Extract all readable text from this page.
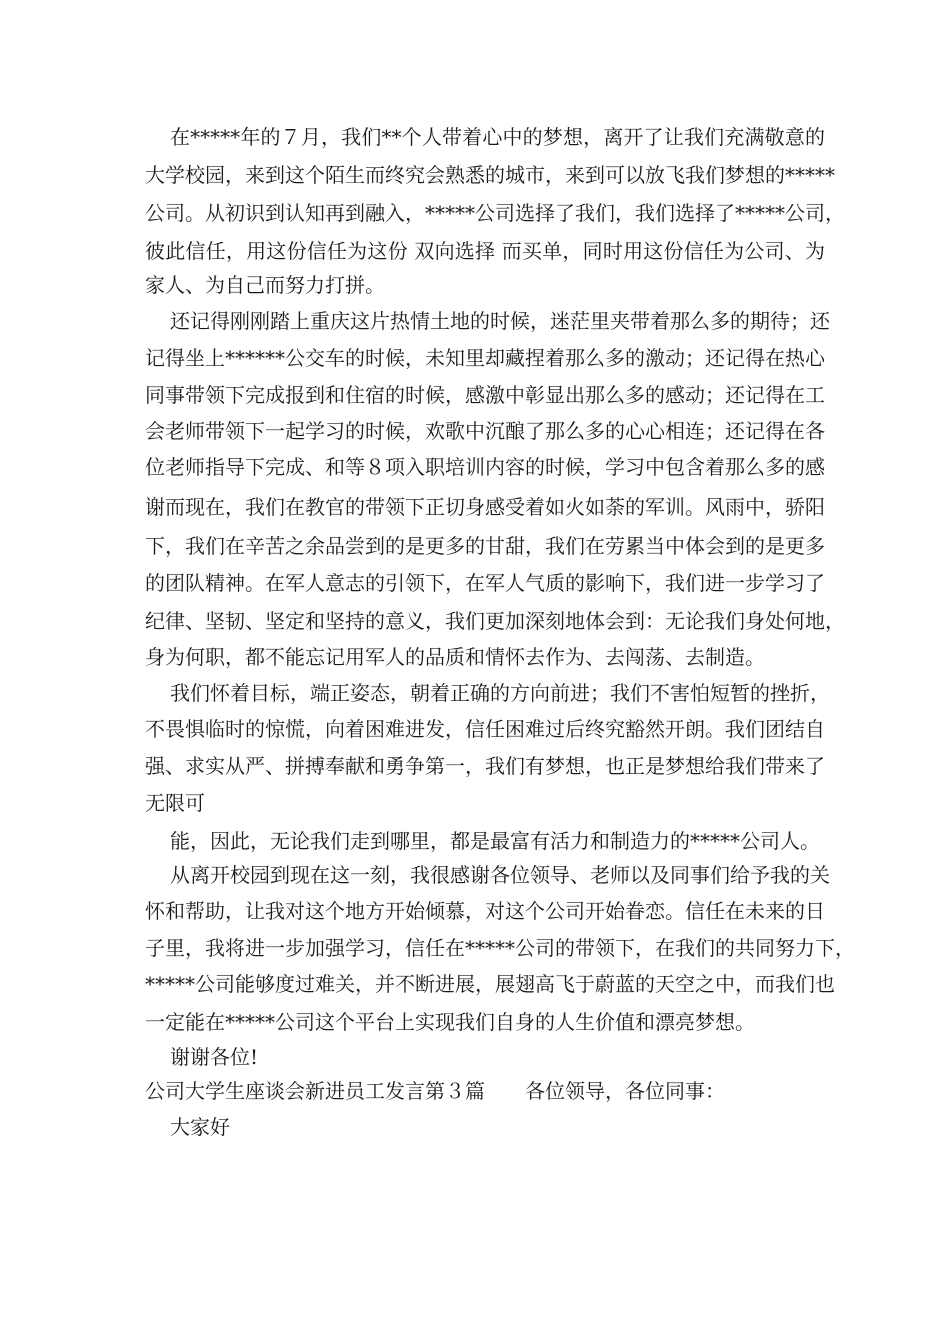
在*****年的７月，我们**个人带着心中的梦想，离开了让我们充满敬意的
大学校园，来到这个陌生而终究会熟悉的城市，来到可以放飞我们梦想的*****
公司。从初识到认知再到融入，*****公司选择了我们，我们选择了*****公司，
彼此信任，用这份信任为这份 双向选择 而买单，同时用这份信任为公司、为
家人、为自己而努力打拼。
还记得刚刚踏上重庆这片热情土地的时候，迷茫里夹带着那么多的期待；还
记得坐上******公交车的时候，未知里却藏捏着那么多的激动；还记得在热心
同事带领下完成报到和住宿的时候，感激中彰显出那么多的感动；还记得在工
会老师带领下一起学习的时候，欢歌中沉酿了那么多的心心相连；还记得在各
位老师指导下完成、和等８项入职培训内容的时候，学习中包含着那么多的感
谢而现在，我们在教官的带领下正切身感受着如火如荼的军训。风雨中，骄阳
下，我们在辛苦之余品尝到的是更多的甘甜，我们在劳累当中体会到的是更多
的团队精神。在军人意志的引领下，在军人气质的影响下，我们进一步学习了
纪律、坚韧、坚定和坚持的意义，我们更加深刻地体会到：无论我们身处何地，
身为何职，都不能忘记用军人的品质和情怀去作为、去闯荡、去制造。
我们怀着目标，端正姿态，朝着正确的方向前进；我们不害怕短暂的挫折，
不畏惧临时的惊慌，向着困难进发，信任困难过后终究豁然开朗。我们团结自
强、求实从严、拼搏奉献和勇争第一，我们有梦想，也正是梦想给我们带来了
无限可
能，因此，无论我们走到哪里，都是最富有活力和制造力的*****公司人。
从离开校园到现在这一刻，我很感谢各位领导、老师以及同事们给予我的关
怀和帮助，让我对这个地方开始倾慕，对这个公司开始眷恋。信任在未来的日
子里，我将进一步加强学习，信任在*****公司的带领下，在我们的共同努力下，
*****公司能够度过难关，并不断进展，展翅高飞于蔚蓝的天空之中，而我们也
一定能在*****公司这个平台上实现我们自身的人生价值和漂亮梦想。
谢谢各位!
公司大学生座谈会新进员工发言第３篇　　各位领导，各位同事：
大家好
